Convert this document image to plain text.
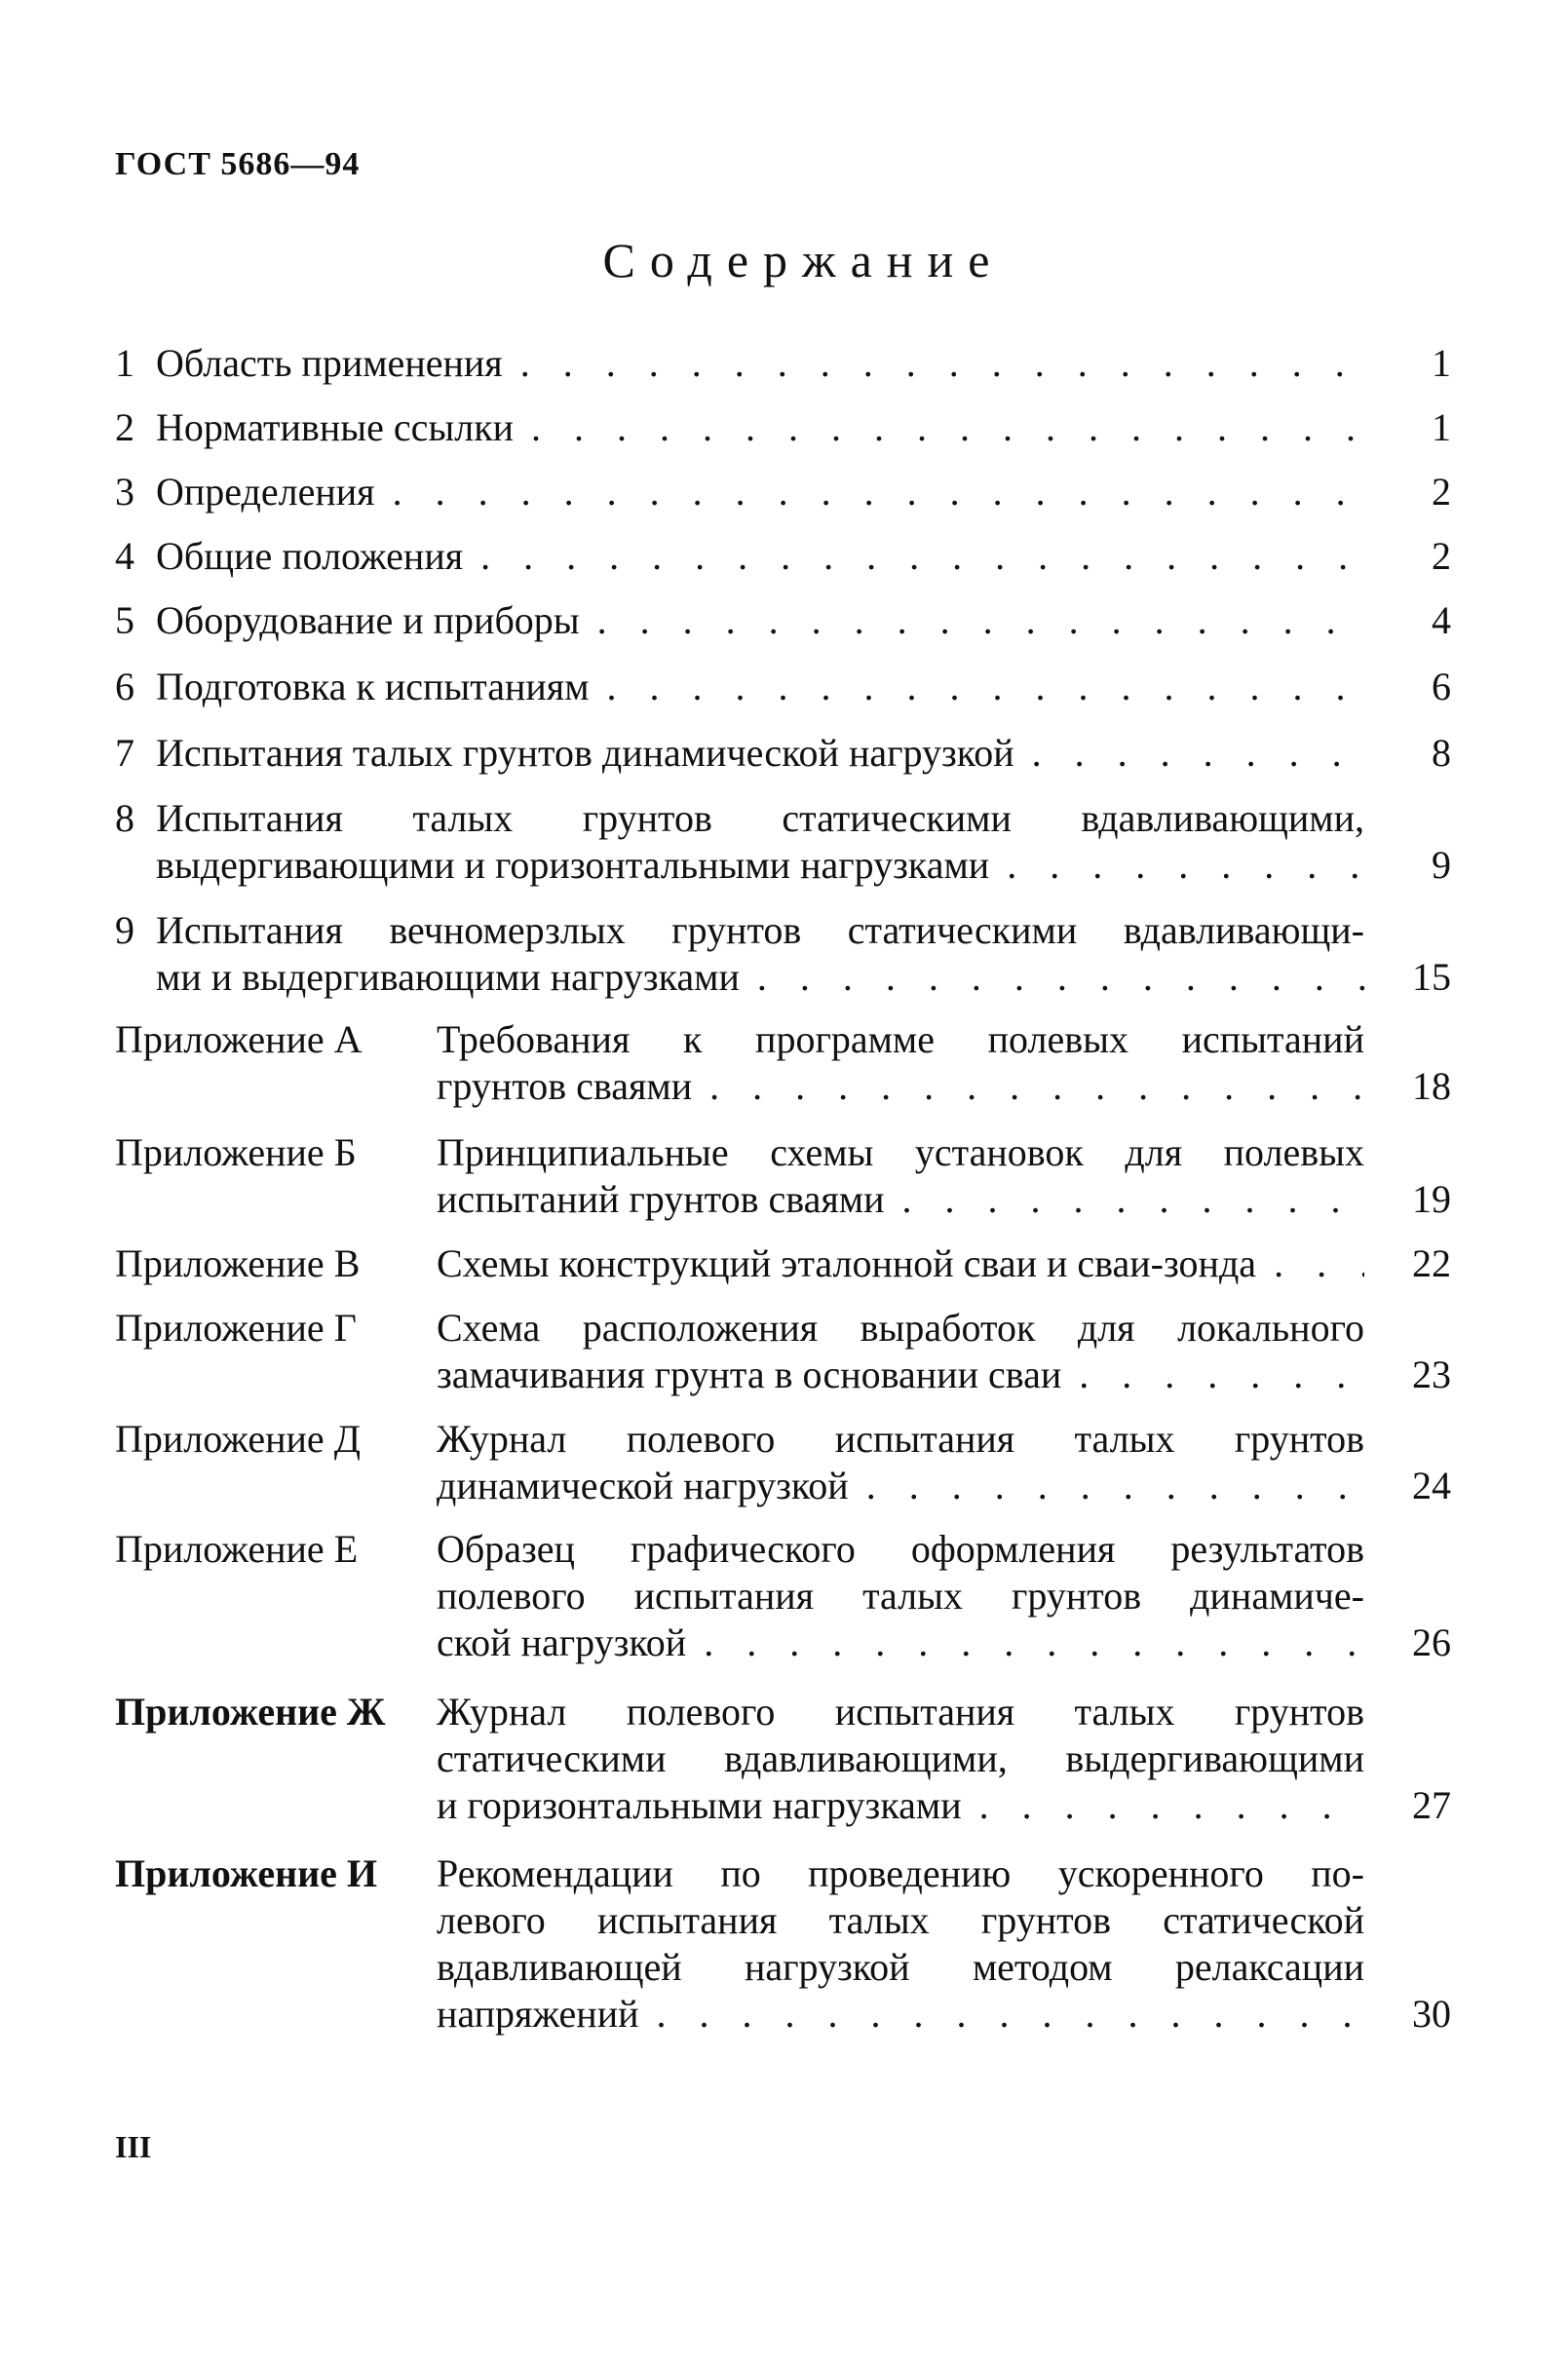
ГОСТ 5686—94
Содержание
1 Область применения . . .	1
2 Нормативные ссылки . . .	1
3 Определения . . .	2
4 Общие положения . . .	2
5 Оборудование и приборы . . .	4
6 Подготовка к испытаниям . . .	6
7 Испытания талых грунтов динамической нагрузкой . . .	8
8 Испытания талых грунтов статическими вдавливающими,
выдергивающими и горизонтальными нагрузками . . .	9
9 Испытания вечномерзлых грунтов статическими вдавливающи-
ми и выдергивающими нагрузками . . .	15
Приложение А Требования к программе полевых испытаний
грунтов сваями . . .	18
Приложение Б Принципиальные схемы установок для полевых
испытаний грунтов сваями . . .	19
Приложение В Схемы конструкций эталонной сваи и сваи-зонда . . .	22
Приложение Г Схема расположения выработок для локального
замачивания грунта в основании сваи . . .	23
Приложение Д Журнал полевого испытания талых грунтов
динамической нагрузкой . . .	24
Приложение Е Образец графического оформления результатов
полевого испытания талых грунтов динамиче-
ской нагрузкой . . .	26
Приложение Ж Журнал полевого испытания талых грунтов
статическими вдавливающими, выдергивающими
и горизонтальными нагрузками . . .	27
Приложение И Рекомендации по проведению ускоренного по-
левого испытания талых грунтов статической
вдавливающей нагрузкой методом релаксации
напряжений . . .	30
III
